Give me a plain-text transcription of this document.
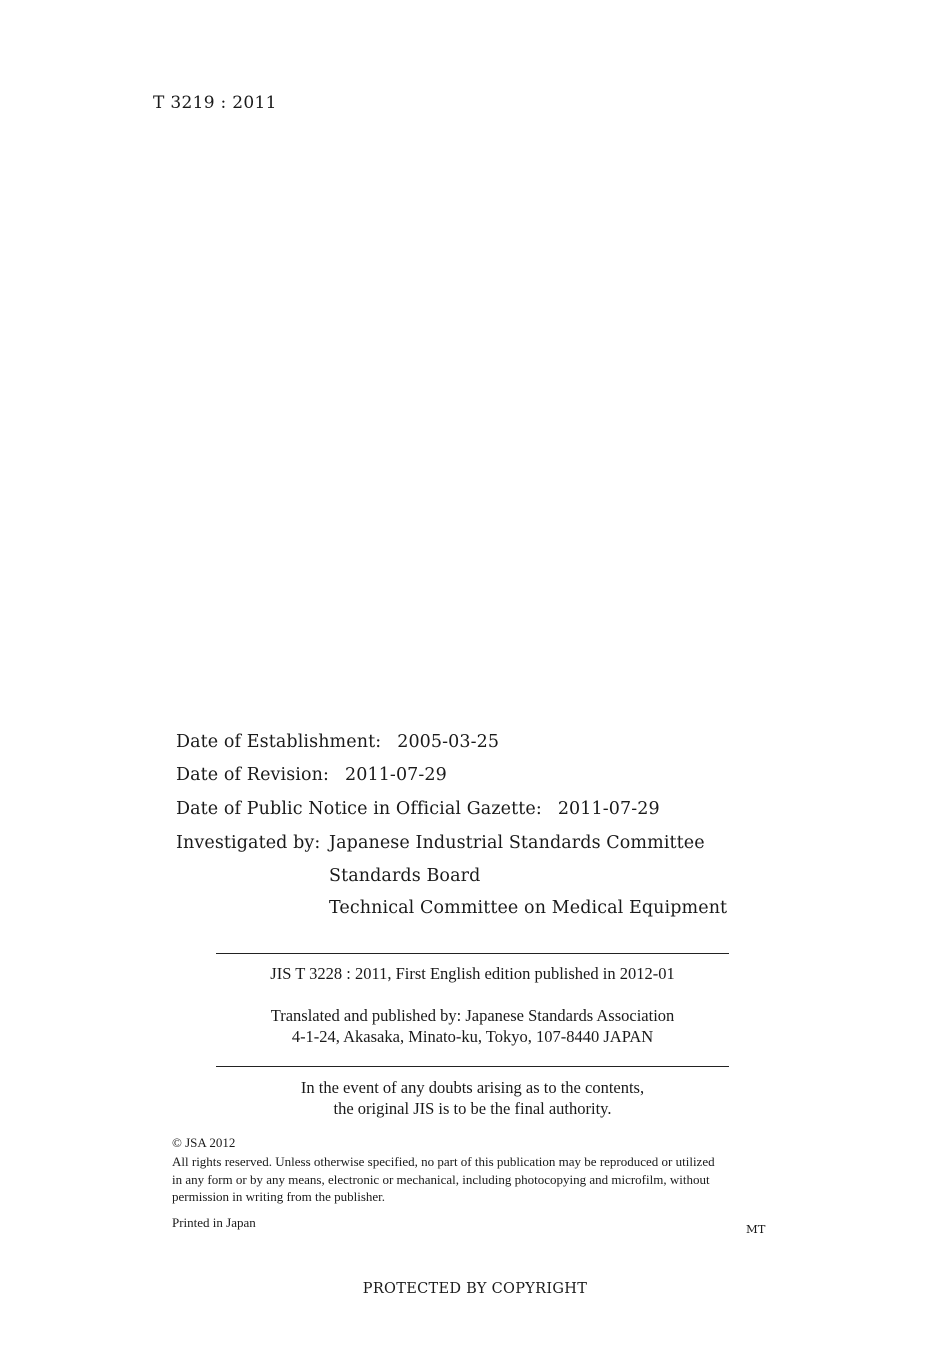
T 3219 : 2011
Date of Establishment: 2005-03-25
Date of Revision: 2011-07-29
Date of Public Notice in Official Gazette: 2011-07-29
Investigated by: Japanese Industrial Standards Committee
Standards Board
Technical Committee on Medical Equipment
JIS T 3228 : 2011, First English edition published in 2012-01
Translated and published by: Japanese Standards Association
4-1-24, Akasaka, Minato-ku, Tokyo, 107-8440 JAPAN
In the event of any doubts arising as to the contents,
the original JIS is to be the final authority.
© JSA 2012
All rights reserved. Unless otherwise specified, no part of this publication may be reproduced or utilized
in any form or by any means, electronic or mechanical, including photocopying and microfilm, without
permission in writing from the publisher.
Printed in Japan	MT
PROTECTED BY COPYRIGHT
